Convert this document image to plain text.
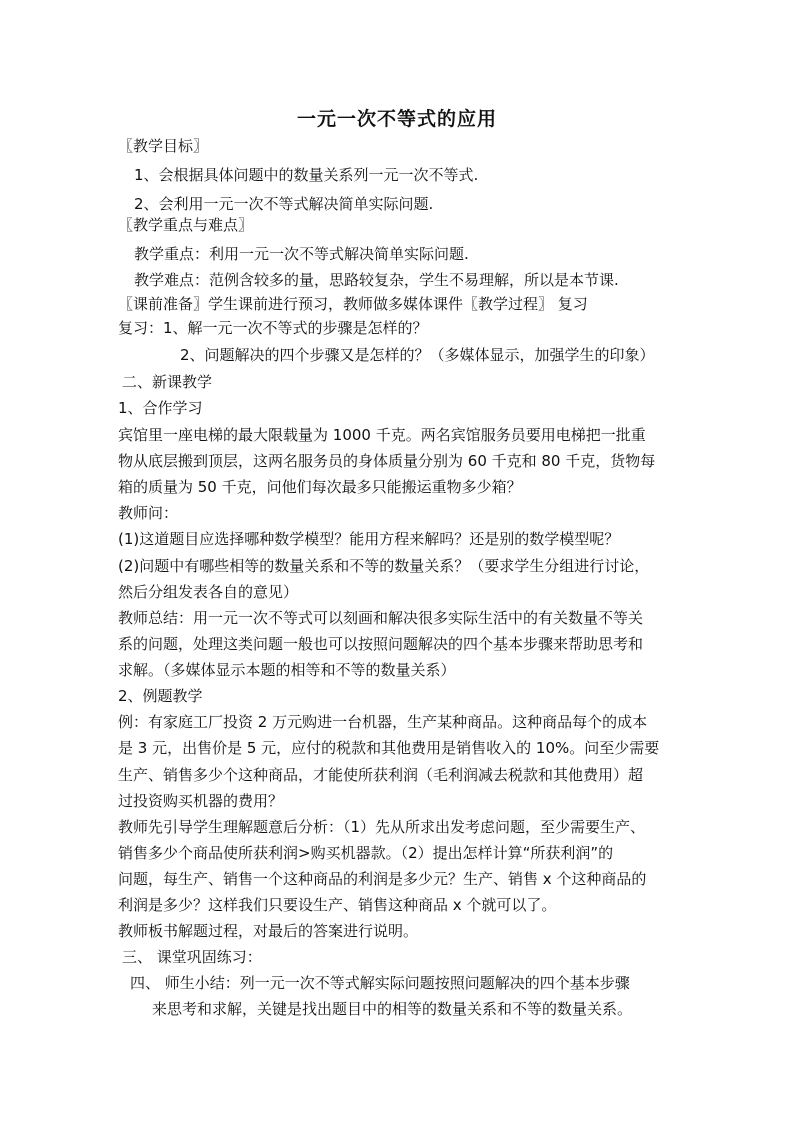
一元一次不等式的应用
〖教学目标〗
1、会根据具体问题中的数量关系列一元一次不等式.
2、会利用一元一次不等式解决简单实际问题.
〖教学重点与难点〗
教学重点：利用一元一次不等式解决简单实际问题.
教学难点：范例含较多的量，思路较复杂，学生不易理解，所以是本节课.
〖课前准备〗学生课前进行预习，教师做多媒体课件〖教学过程〗 复习
复习：1、解一元一次不等式的步骤是怎样的？
2、问题解决的四个步骤又是怎样的？（多媒体显示，加强学生的印象）
二、新课教学
1、合作学习
宾馆里一座电梯的最大限载量为 1000 千克。两名宾馆服务员要用电梯把一批重
物从底层搬到顶层，这两名服务员的身体质量分别为 60 千克和 80 千克，货物每
箱的质量为 50 千克，问他们每次最多只能搬运重物多少箱？
教师问：
(1)这道题目应选择哪种数学模型？能用方程来解吗？还是别的数学模型呢？
(2)问题中有哪些相等的数量关系和不等的数量关系？（要求学生分组进行讨论，
然后分组发表各自的意见）
教师总结：用一元一次不等式可以刻画和解决很多实际生活中的有关数量不等关
系的问题，处理这类问题一般也可以按照问题解决的四个基本步骤来帮助思考和
求解。（多媒体显示本题的相等和不等的数量关系）
2、例题教学
例：有家庭工厂投资 2 万元购进一台机器，生产某种商品。这种商品每个的成本
是 3 元，出售价是 5 元，应付的税款和其他费用是销售收入的 10%。问至少需要
生产、销售多少个这种商品，才能使所获利润（毛利润减去税款和其他费用）超
过投资购买机器的费用？
教师先引导学生理解题意后分析：（1）先从所求出发考虑问题，至少需要生产、
销售多少个商品使所获利润>购买机器款。（2）提出怎样计算“所获利润”的
问题，每生产、销售一个这种商品的利润是多少元？生产、销售 x 个这种商品的
利润是多少？这样我们只要设生产、销售这种商品 x 个就可以了。
教师板书解题过程，对最后的答案进行说明。
三、 课堂巩固练习：
四、 师生小结：列一元一次不等式解实际问题按照问题解决的四个基本步骤
来思考和求解，关键是找出题目中的相等的数量关系和不等的数量关系。
